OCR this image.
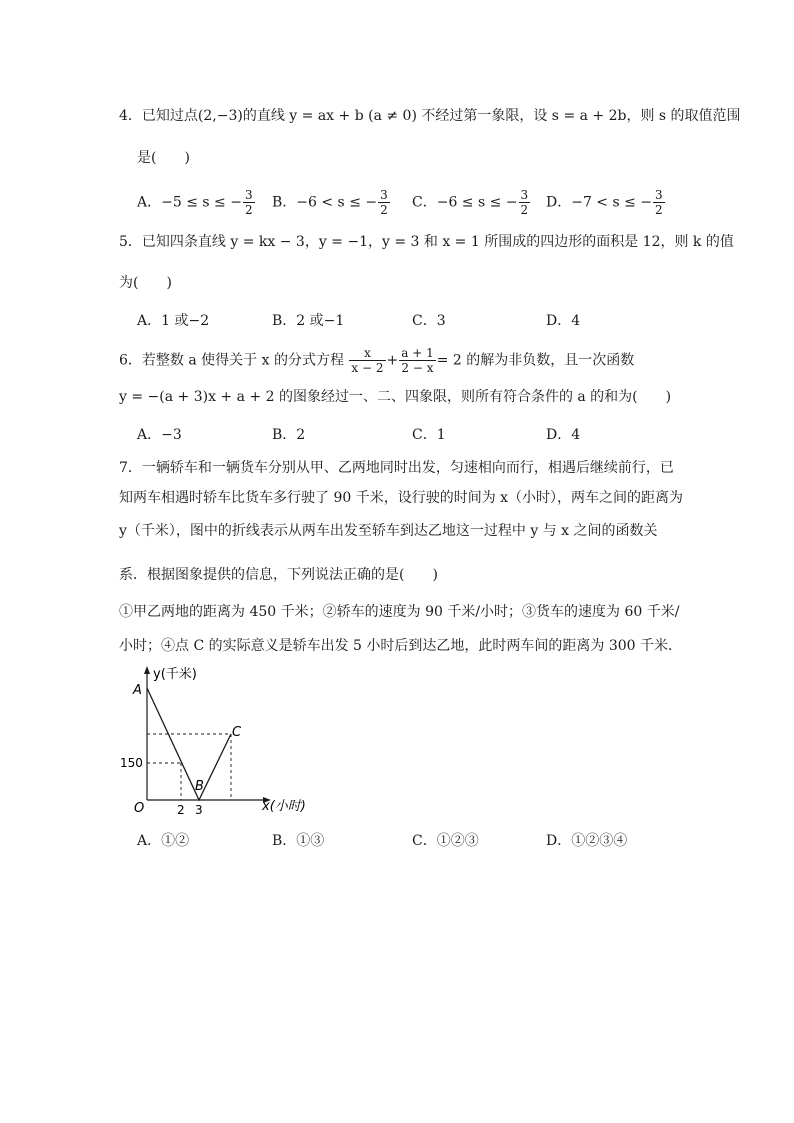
4．已知过点(2,−3)的直线 y = ax + b (a ≠ 0) 不经过第一象限，设 s = a + 2b，则 s 的取值范围
是(　　)
A．−5 ≤ s ≤ − $\frac{3}{2}$ B．−6 < s ≤ − $\frac{3}{2}$ C．−6 ≤ s ≤ − $\frac{3}{2}$ D．−7 < s ≤ − $\frac{3}{2}$
5．已知四条直线 y = kx − 3，y = −1，y = 3 和 x = 1 所围成的四边形的面积是 12，则 k 的值
为(　　)
A．1 或−2	B．2 或−1	C．3	D．4
6．若整数 a 使得关于 x 的分式方程 $\frac{x}{x - 2} + \frac{a + 1}{2 - x} = 2$ 的解为非负数，且一次函数
y = −(a + 3)x + a + 2 的图象经过一、二、四象限，则所有符合条件的 a 的和为(　　)
A．−3	B．2	C．1	D．4
7．一辆轿车和一辆货车分别从甲、乙两地同时出发，匀速相向而行，相遇后继续前行，已
知两车相遇时轿车比货车多行驶了 90 千米，设行驶的时间为 x（小时），两车之间的距离为
y（千米），图中的折线表示从两车出发至轿车到达乙地这一过程中 y 与 x 之间的函数关
系．根据图象提供的信息，下列说法正确的是(　　)
①甲乙两地的距离为 450 千米；②轿车的速度为 90 千米/小时；③货车的速度为 60 千米/
小时；④点 C 的实际意义是轿车出发 5 小时后到达乙地，此时两车间的距离为 300 千米．
y(千米)
x(小时)
O
A
B
C
150
2 3
A．①②	B．①③	C．①②③	D．①②③④
